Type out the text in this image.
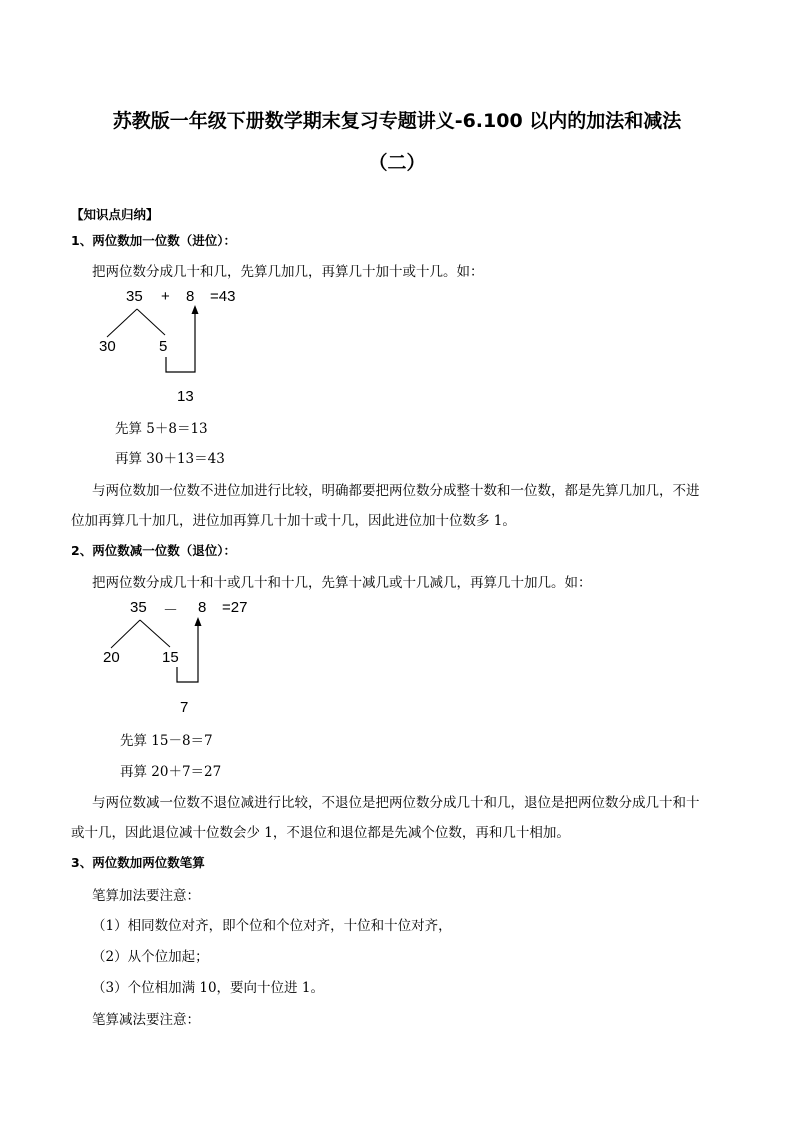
苏教版一年级下册数学期末复习专题讲义-6.100 以内的加法和减法
（二）
【知识点归纳】
1、两位数加一位数（进位）：
把两位数分成几十和几，先算几加几，再算几十加十或十几。如：
35 + 8 =43
30	5
13
先算 5＋8＝13
再算 30＋13＝43
与两位数加一位数不进位加进行比较，明确都要把两位数分成整十数和一位数，都是先算几加几，不进
位加再算几十加几，进位加再算几十加十或十几，因此进位加十位数多 1。
2、两位数减一位数（退位）：
把两位数分成几十和十或几十和十几，先算十减几或十几减几，再算几十加几。如：
35 － 8 =27
20	15
7
先算 15－8＝7
再算 20＋7＝27
与两位数减一位数不退位减进行比较，不退位是把两位数分成几十和几，退位是把两位数分成几十和十
或十几，因此退位减十位数会少 1，不退位和退位都是先减个位数，再和几十相加。
3、两位数加两位数笔算
笔算加法要注意：
（1）相同数位对齐，即个位和个位对齐，十位和十位对齐，
（2）从个位加起；
（3）个位相加满 10，要向十位进 1。
笔算减法要注意：
